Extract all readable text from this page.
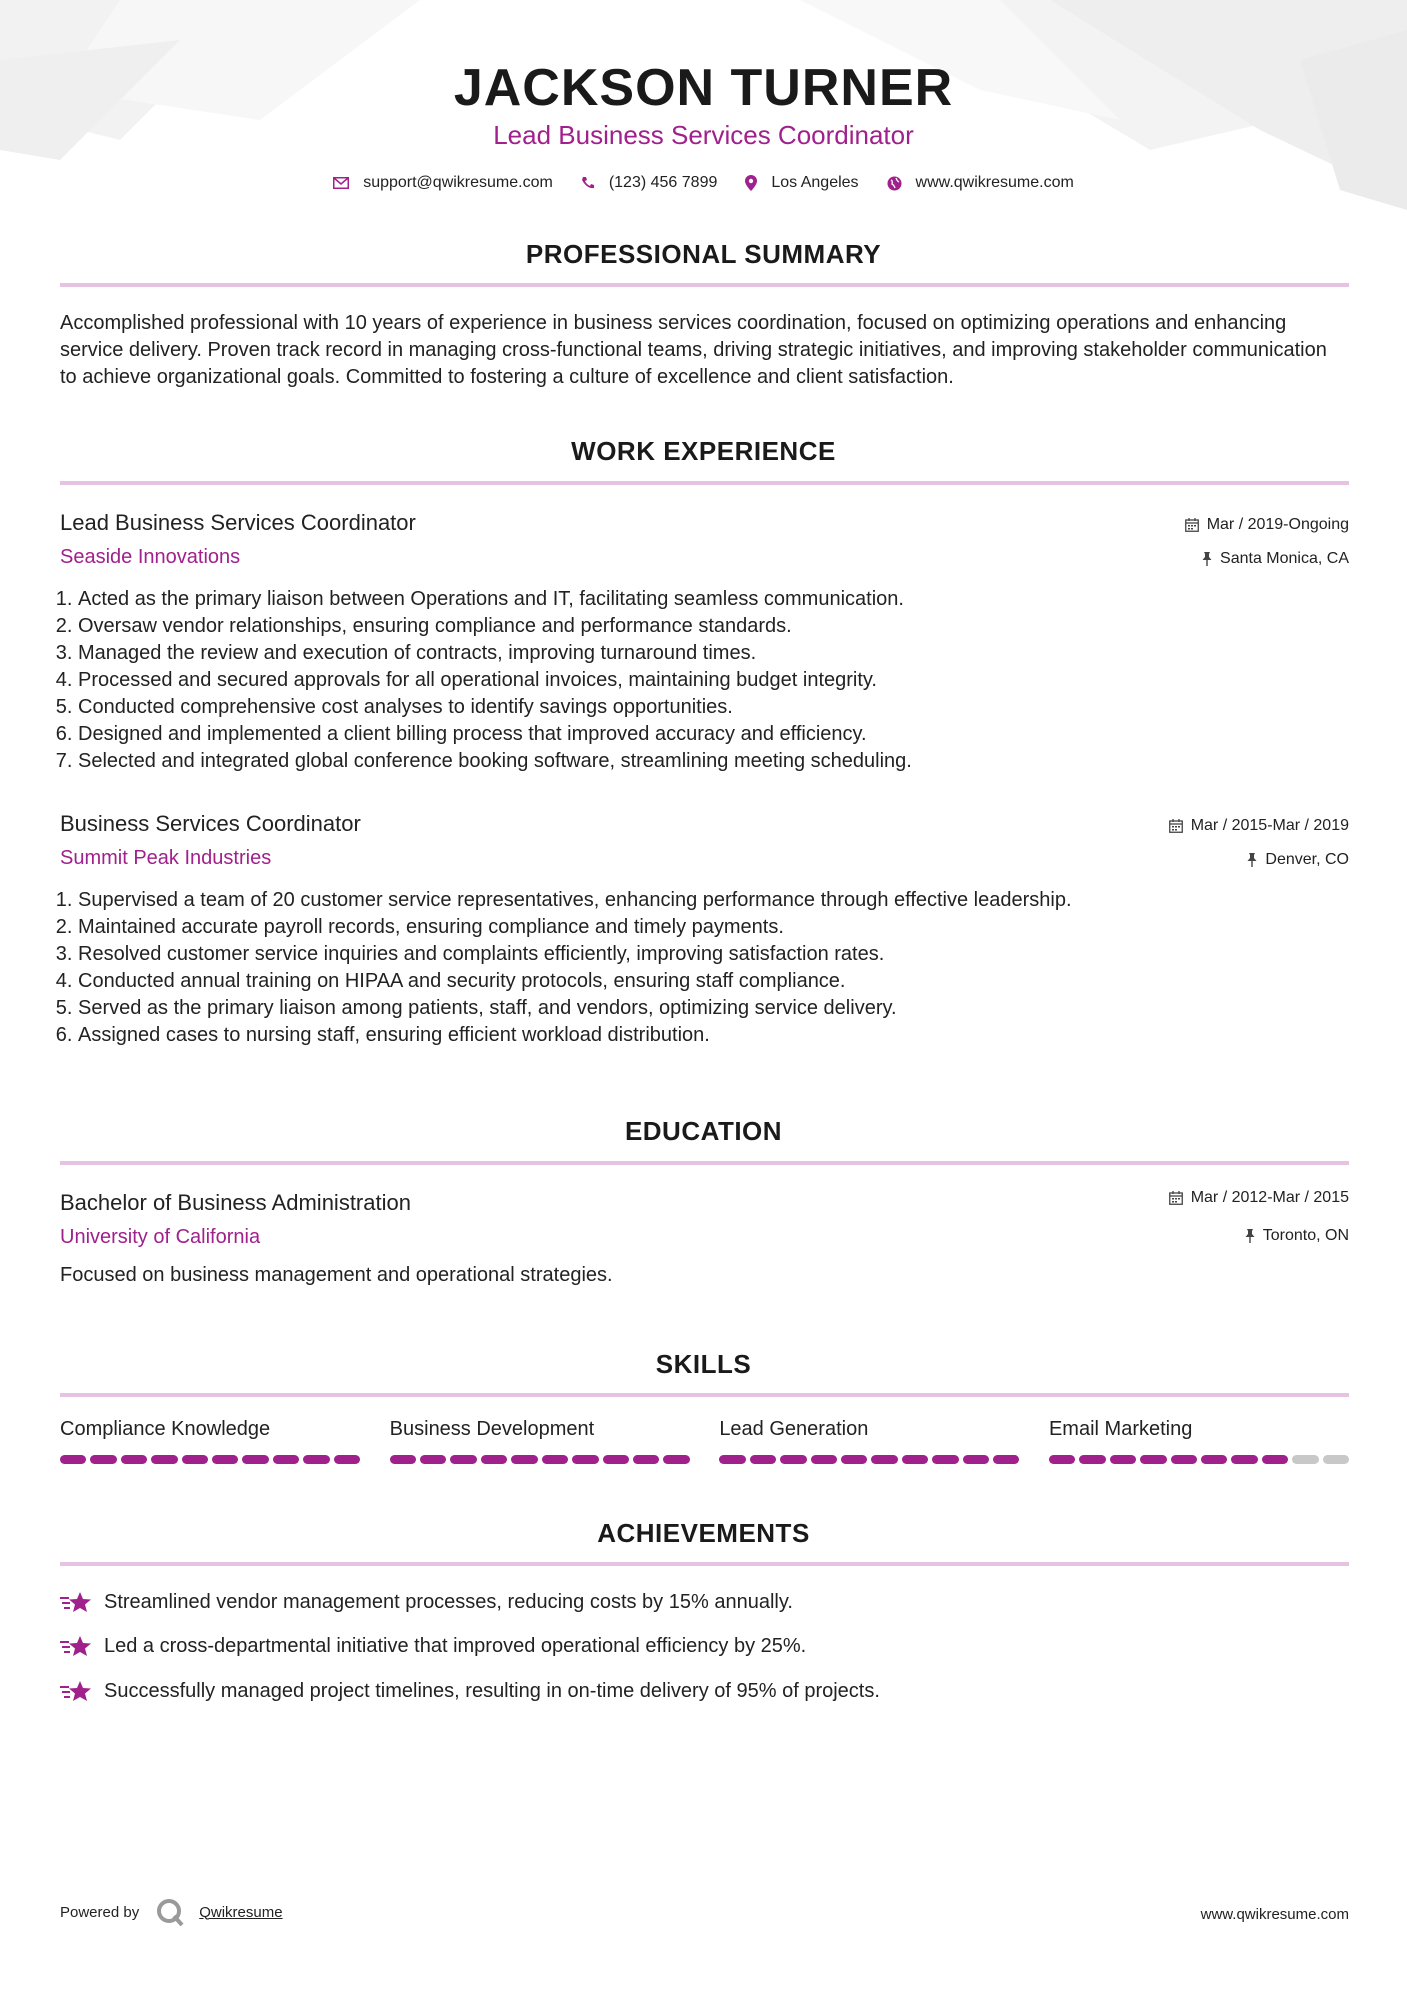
JACKSON TURNER
Lead Business Services Coordinator
support@qwikresume.com	(123) 456 7899	Los Angeles	www.qwikresume.com
PROFESSIONAL SUMMARY
Accomplished professional with 10 years of experience in business services coordination, focused on optimizing operations and enhancing service delivery. Proven track record in managing cross-functional teams, driving strategic initiatives, and improving stakeholder communication to achieve organizational goals. Committed to fostering a culture of excellence and client satisfaction.
WORK EXPERIENCE
Lead Business Services Coordinator
Seaside Innovations
Mar / 2019-Ongoing
Santa Monica, CA
1. Acted as the primary liaison between Operations and IT, facilitating seamless communication.
2. Oversaw vendor relationships, ensuring compliance and performance standards.
3. Managed the review and execution of contracts, improving turnaround times.
4. Processed and secured approvals for all operational invoices, maintaining budget integrity.
5. Conducted comprehensive cost analyses to identify savings opportunities.
6. Designed and implemented a client billing process that improved accuracy and efficiency.
7. Selected and integrated global conference booking software, streamlining meeting scheduling.
Business Services Coordinator
Summit Peak Industries
Mar / 2015-Mar / 2019
Denver, CO
1. Supervised a team of 20 customer service representatives, enhancing performance through effective leadership.
2. Maintained accurate payroll records, ensuring compliance and timely payments.
3. Resolved customer service inquiries and complaints efficiently, improving satisfaction rates.
4. Conducted annual training on HIPAA and security protocols, ensuring staff compliance.
5. Served as the primary liaison among patients, staff, and vendors, optimizing service delivery.
6. Assigned cases to nursing staff, ensuring efficient workload distribution.
EDUCATION
Bachelor of Business Administration
University of California
Mar / 2012-Mar / 2015
Toronto, ON
Focused on business management and operational strategies.
SKILLS
Compliance Knowledge	Business Development	Lead Generation	Email Marketing
ACHIEVEMENTS
Streamlined vendor management processes, reducing costs by 15% annually.
Led a cross-departmental initiative that improved operational efficiency by 25%.
Successfully managed project timelines, resulting in on-time delivery of 95% of projects.
Powered by	Qwikresume	www.qwikresume.com
